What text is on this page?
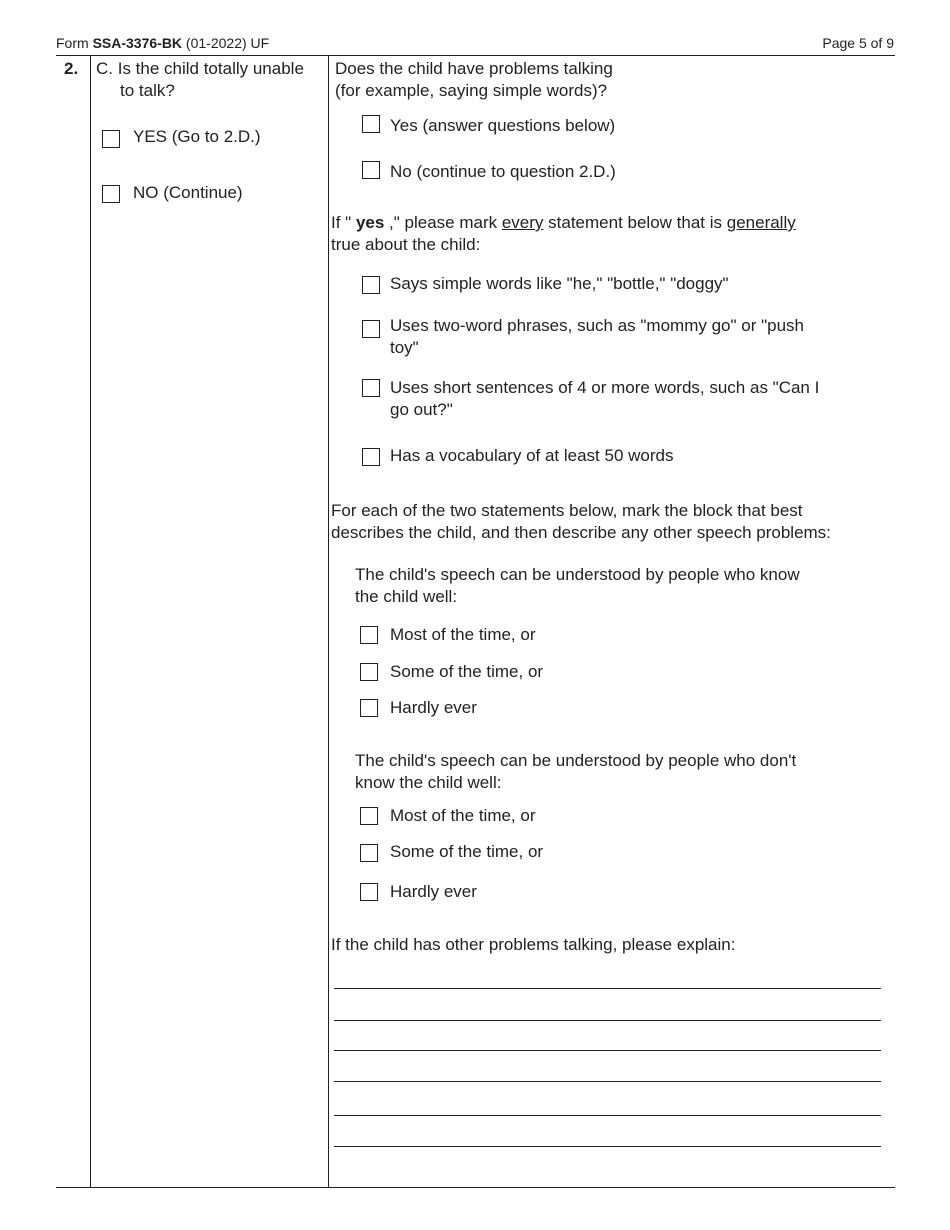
Form SSA-3376-BK (01-2022) UF	Page 5 of 9
2. C. Is the child totally unable
to talk?
YES (Go to 2.D.)
NO (Continue)
Does the child have problems talking
(for example, saying simple words)?
Yes (answer questions below)
No (continue to question 2.D.)
If " yes ," please mark every statement below that is generally
true about the child:
Says simple words like "he," "bottle," "doggy"
Uses two-word phrases, such as "mommy go" or "push
toy"
Uses short sentences of 4 or more words, such as "Can I
go out?"
Has a vocabulary of at least 50 words
For each of the two statements below, mark the block that best
describes the child, and then describe any other speech problems:
The child's speech can be understood by people who know
the child well:
Most of the time, or
Some of the time, or
Hardly ever
The child's speech can be understood by people who don't
know the child well:
Most of the time, or
Some of the time, or
Hardly ever
If the child has other problems talking, please explain:
